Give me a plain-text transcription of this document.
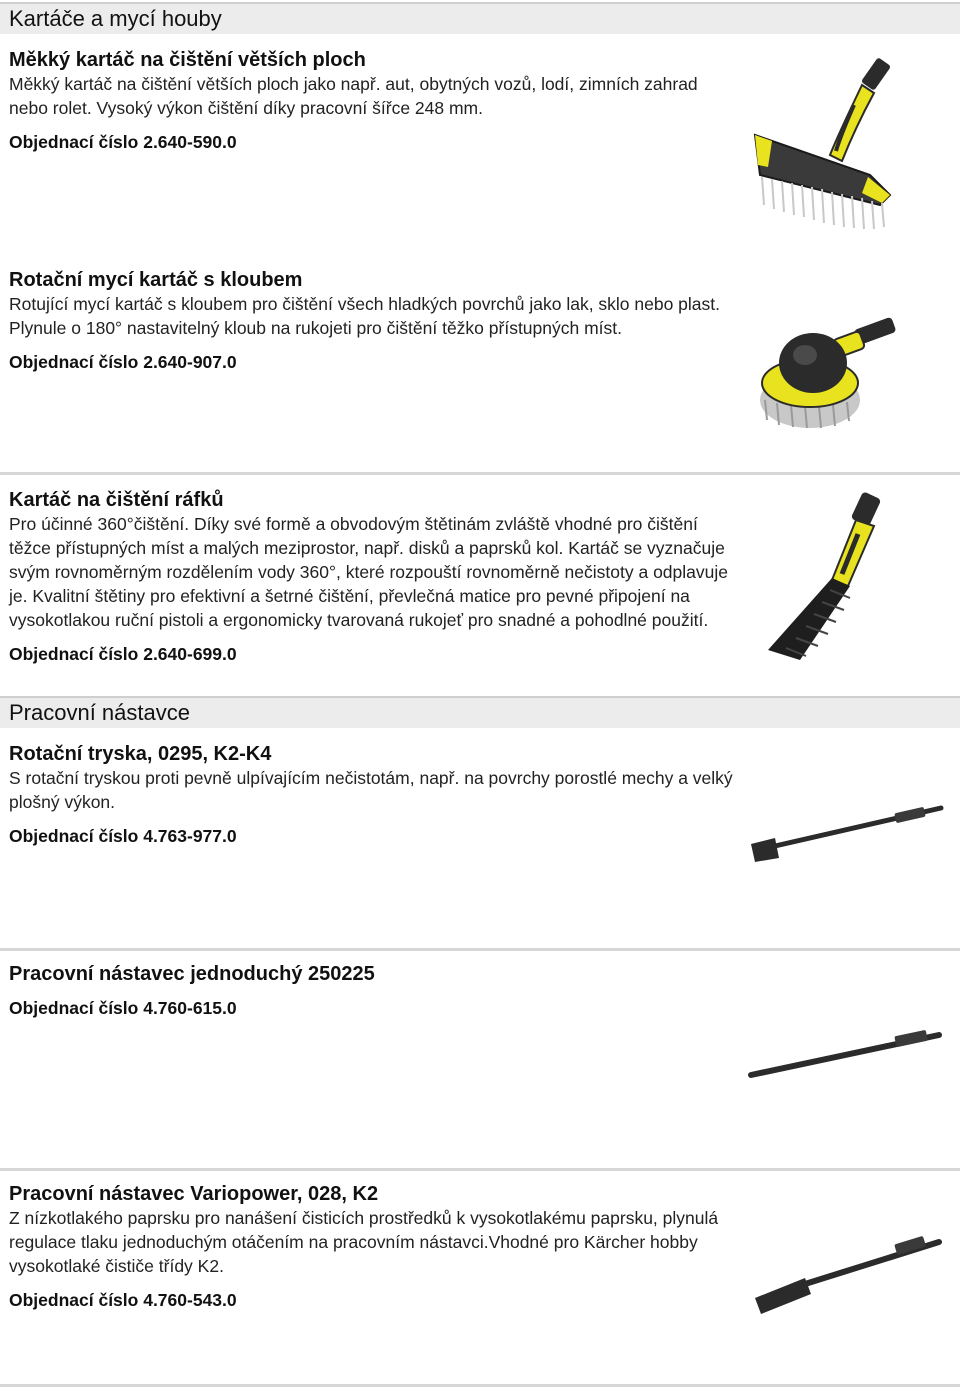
Kartáče a mycí houby
Měkký kartáč na čištění větších ploch
Měkký kartáč na čištění větších ploch jako např. aut, obytných vozů, lodí, zimních zahrad nebo rolet. Vysoký výkon čištění díky pracovní šířce 248 mm.
Objednací číslo 2.640-590.0
Rotační mycí kartáč s kloubem
Rotující mycí kartáč s kloubem pro čištění všech hladkých povrchů jako lak, sklo nebo plast. Plynule o 180° nastavitelný kloub na rukojeti pro čištění těžko přístupných míst.
Objednací číslo 2.640-907.0
Kartáč na čištění ráfků
Pro účinné 360°čištění. Díky své formě a obvodovým štětinám zvláště vhodné pro čištění těžce přístupných míst a malých meziprostor, např. disků a paprsků kol. Kartáč se vyznačuje svým rovnoměrným rozdělením vody 360°, které rozpouští rovnoměrně nečistoty a odplavuje je. Kvalitní štětiny pro efektivní a šetrné čištění, převlečná matice pro pevné připojení na vysokotlakou ruční pistoli a ergonomicky tvarovaná rukojeť pro snadné a pohodlné použití.
Objednací číslo 2.640-699.0
Pracovní nástavce
Rotační tryska, 0295, K2-K4
S rotační tryskou proti pevně ulpívajícím nečistotám, např. na povrchy porostlé mechy a velký plošný výkon.
Objednací číslo 4.763-977.0
Pracovní nástavec jednoduchý 250225
Objednací číslo 4.760-615.0
Pracovní nástavec Variopower, 028, K2
Z nízkotlakého paprsku pro nanášení čisticích prostředků k vysokotlakému paprsku, plynulá regulace tlaku jednoduchým otáčením na pracovním nástavci.Vhodné pro Kärcher hobby vysokotlaké čističe třídy K2.
Objednací číslo 4.760-543.0
